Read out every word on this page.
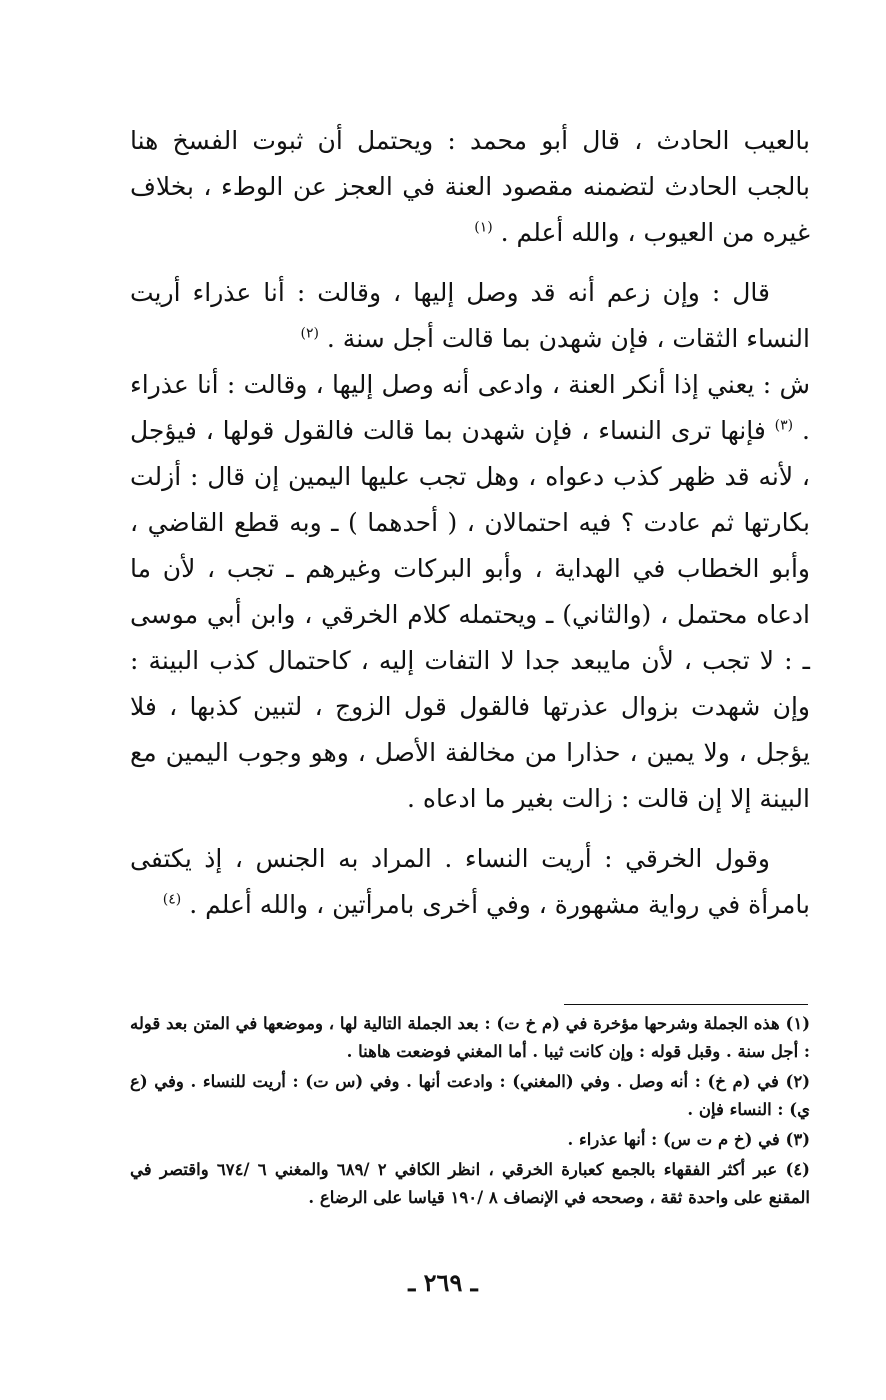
بالعيب الحادث ، قال أبو محمد : ويحتمل أن ثبوت الفسخ هنا بالجب الحادث لتضمنه مقصود العنة في العجز عن الوطء ، بخلاف غيره من العيوب ، والله أعلم . $^{(١)}$

قال : وإن زعم أنه قد وصل إليها ، وقالت : أنا عذراء أريت النساء الثقات ، فإن شهدن بما قالت أجل سنة . $^{(٢)}$

ش : يعني إذا أنكر العنة ، وادعى أنه وصل إليها ، وقالت : أنا عذراء . $^{(٣)}$ فإنها ترى النساء ، فإن شهدن بما قالت فالقول قولها ، فيؤجل ، لأنه قد ظهر كذب دعواه ، وهل تجب عليها اليمين إن قال : أزلت بكارتها ثم عادت ؟ فيه احتمالان ، ( أحدهما ) ـ وبه قطع القاضي ، وأبو الخطاب في الهداية ، وأبو البركات وغيرهم ـ تجب ، لأن ما ادعاه محتمل ، (والثاني) ـ ويحتمله كلام الخرقي ، وابن أبي موسى ـ : لا تجب ، لأن مايبعد جدا لا التفات إليه ، كاحتمال كذب البينة : وإن شهدت بزوال عذرتها فالقول قول الزوج ، لتبين كذبها ، فلا يؤجل ، ولا يمين ، حذارا من مخالفة الأصل ، وهو وجوب اليمين مع البينة إلا إن قالت : زالت بغير ما ادعاه .

وقول الخرقي : أريت النساء . المراد به الجنس ، إذ يكتفى بامرأة في رواية مشهورة ، وفي أخرى بامرأتين ، والله أعلم . $^{(٤)}$

(١) هذه الجملة وشرحها مؤخرة في (م خ ت) : بعد الجملة التالية لها ، وموضعها في المتن بعد قوله : أجل سنة . وقبل قوله : وإن كانت ثيبا . أما المغني فوضعت هاهنا .

(٢) في (م خ) : أنه وصل . وفي (المغني) : وادعت أنها . وفي (س ت) : أريت للنساء . وفي (ع ي) : النساء فإن .

(٣) في (خ م ت س) : أنها عذراء .

(٤) عبر أكثر الفقهاء بالجمع كعبارة الخرقي ، انظر الكافي ٢ /٦٨٩ والمغني ٦ /٦٧٤ واقتصر في المقنع على واحدة ثقة ، وصححه في الإنصاف ٨ /١٩٠ قياسا على الرضاع .

ـ ٢٦٩ ـ
